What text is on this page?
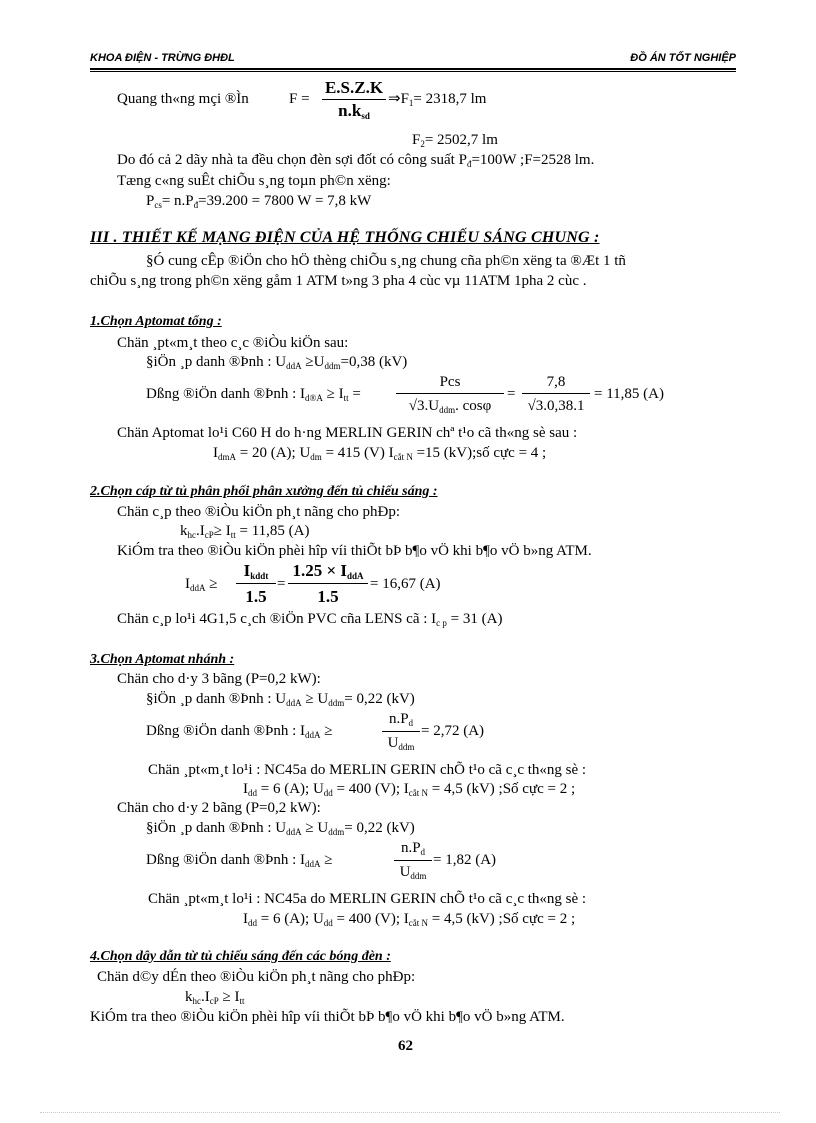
KHOA ĐIỆN - TRỪNG ĐHĐL	ĐỒ ÁN TỐT NGHIỆP
Quang th«ng mçi ®Ìn	F =
E.S.Z.K
$n.k_{sd}$
$\Rightarrow F_1= 2318,7$ lm
$F_2= 2502,7$ lm
Do đó cả 2 dãy nhà ta đều chọn đèn sợi đốt có công suất $P_đ=100W$ ;F=2528 lm.
Tæng c«ng suÊt chiÕu s¸ng toµn ph©n xëng:
$P_{cs}= n.P_đ=39.200 = 7800$ W = 7,8 kW
III . THIẾT KẾ MẠNG ĐIỆN CỦA HỆ THỐNG CHIẾU SÁNG CHUNG :
§Ó cung cÊp ®iÖn cho hÖ thèng chiÕu s¸ng chung cña ph©n xëng ta ®Æt 1 tñ
chiÕu s¸ng trong ph©n xëng gåm 1 ATM t»ng 3 pha 4 cùc vµ 11ATM 1pha 2 cùc .
1.Chọn Aptomat tổng :
Chän ¸pt«m¸t theo c¸c ®iÒu kiÖn sau:
§iÖn ¸p danh ®Þnh : $U_{ddA} \ge U_{ddm}=0,38$ (kV)
Dßng ®iÖn danh ®Þnh : $I_{d®A} \ge I_{tt}$ =
Pcs
$√3.U_{ddm}$. cosφ
=
7,8
√3.0,38.1
= 11,85 (A)
Chän Aptomat lo¹i C60 H do h·ng MERLIN GERIN chª t¹o cã th«ng sè sau :
$I_{dmA} = 20$ (A); $U_{dm} = 415$ (V) $I_{cắt N} =15$ (kV);số cực = 4 ;
2.Chọn cáp từ tủ phân phối phân xưởng đến tủ chiếu sáng :
Chän c¸p theo ®iÒu kiÖn ph¸t nãng cho phÐp:
$k_{hc}.I_{cP}\ge I_{tt} = 11,85$ (A)
KiÓm tra theo ®iÒu kiÖn phèi hîp víi thiÕt bÞ b¶o vÖ khi b¶o vÖ b»ng ATM.
$I_{ddA}$ ≥
$I_{kddt}$
1.5
=
$1.25 \times I_{ddA}$
1.5
= 16,67 (A)
Chän c¸p lo¹i 4G1,5 c¸ch ®iÖn PVC cña LENS cã : $I_{c p} = 31$ (A)
3.Chọn Aptomat nhánh :
Chän cho d·y 3 bãng (P=0,2 kW):
§iÖn ¸p danh ®Þnh : $U_{ddA} \ge U_{ddm}= 0,22$ (kV)
Dßng ®iÖn danh ®Þnh : $I_{ddA}$ ≥
$n.P_d$
$U_{ddm}$
= 2,72 (A)
Chän ¸pt«m¸t lo¹i : NC45a do MERLIN GERIN chÕ t¹o cã c¸c th«ng sè :
$I_{dd} = 6$ (A); $U_{dd} = 400$ (V); $I_{cắt N} = 4,5$ (kV) ;Số cực = 2 ;
Chän cho d·y 2 bãng (P=0,2 kW):
§iÖn ¸p danh ®Þnh : $U_{ddA} \ge U_{ddm}= 0,22$ (kV)
Dßng ®iÖn danh ®Þnh : $I_{ddA}$ ≥
$n.P_d$
$U_{ddm}$
= 1,82 (A)
Chän ¸pt«m¸t lo¹i : NC45a do MERLIN GERIN chÕ t¹o cã c¸c th«ng sè :
$I_{dd} = 6$ (A); $U_{dd} = 400$ (V); $I_{cắt N} = 4,5$ (kV) ;Số cực = 2 ;
4.Chọn dây dẫn từ tủ chiếu sáng đến các bóng đèn :
Chän d©y dÉn theo ®iÒu kiÖn ph¸t nãng cho phÐp:
$k_{hc}.I_{cP} \ge I_{tt}$
KiÓm tra theo ®iÒu kiÖn phèi hîp víi thiÕt bÞ b¶o vÖ khi b¶o vÖ b»ng ATM.
62
